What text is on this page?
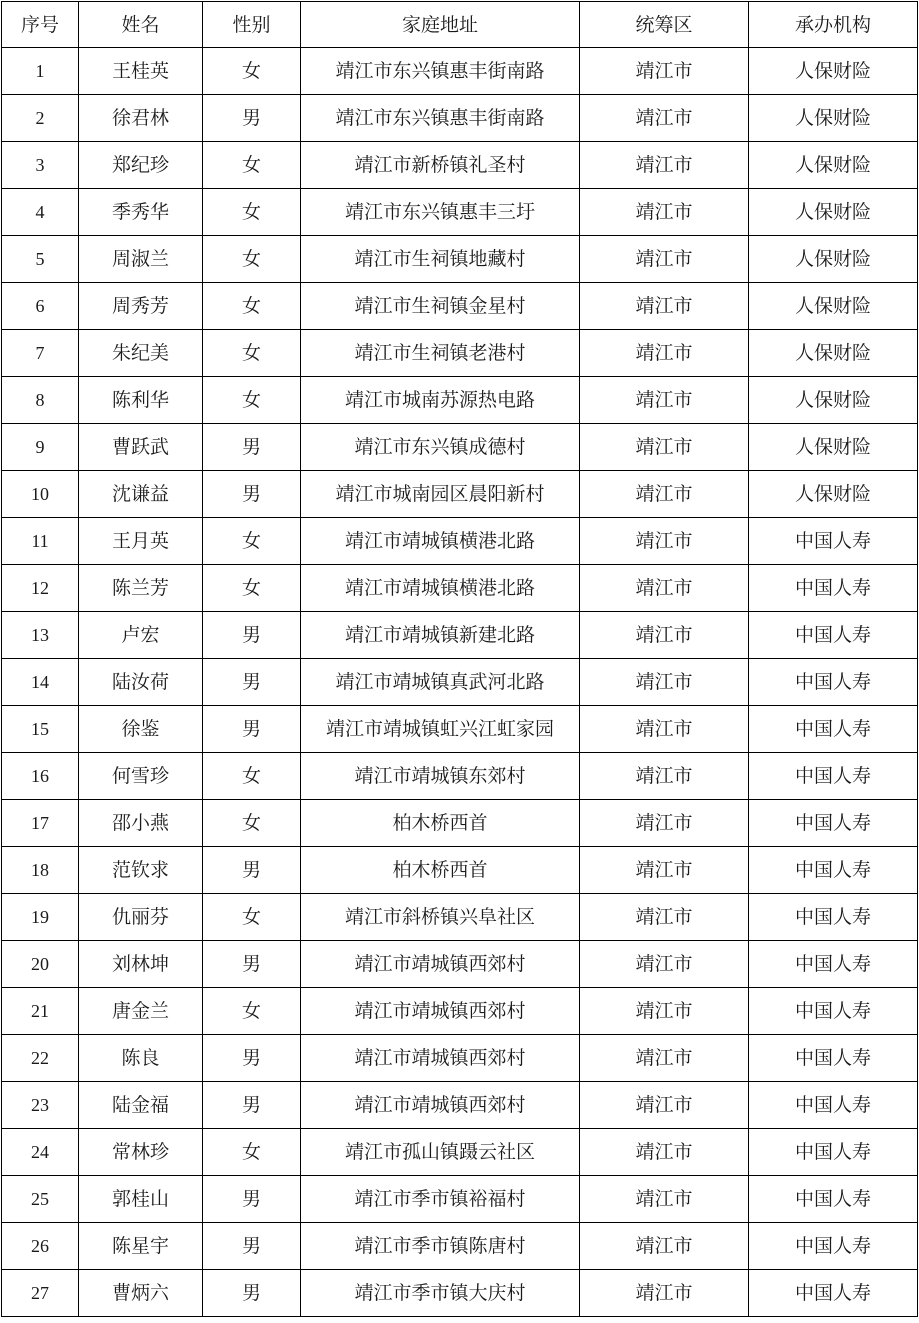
序号	姓名	性别	家庭地址	统筹区	承办机构
1	王桂英	女	靖江市东兴镇惠丰街南路	靖江市	人保财险
2	徐君林	男	靖江市东兴镇惠丰街南路	靖江市	人保财险
3	郑纪珍	女	靖江市新桥镇礼圣村	靖江市	人保财险
4	季秀华	女	靖江市东兴镇惠丰三圩	靖江市	人保财险
5	周淑兰	女	靖江市生祠镇地藏村	靖江市	人保财险
6	周秀芳	女	靖江市生祠镇金星村	靖江市	人保财险
7	朱纪美	女	靖江市生祠镇老港村	靖江市	人保财险
8	陈利华	女	靖江市城南苏源热电路	靖江市	人保财险
9	曹跃武	男	靖江市东兴镇成德村	靖江市	人保财险
10	沈谦益	男	靖江市城南园区晨阳新村	靖江市	人保财险
11	王月英	女	靖江市靖城镇横港北路	靖江市	中国人寿
12	陈兰芳	女	靖江市靖城镇横港北路	靖江市	中国人寿
13	卢宏	男	靖江市靖城镇新建北路	靖江市	中国人寿
14	陆汝荷	男	靖江市靖城镇真武河北路	靖江市	中国人寿
15	徐鉴	男	靖江市靖城镇虹兴江虹家园	靖江市	中国人寿
16	何雪珍	女	靖江市靖城镇东郊村	靖江市	中国人寿
17	邵小燕	女	柏木桥西首	靖江市	中国人寿
18	范钦求	男	柏木桥西首	靖江市	中国人寿
19	仇丽芬	女	靖江市斜桥镇兴阜社区	靖江市	中国人寿
20	刘林坤	男	靖江市靖城镇西郊村	靖江市	中国人寿
21	唐金兰	女	靖江市靖城镇西郊村	靖江市	中国人寿
22	陈良	男	靖江市靖城镇西郊村	靖江市	中国人寿
23	陆金福	男	靖江市靖城镇西郊村	靖江市	中国人寿
24	常林珍	女	靖江市孤山镇蹑云社区	靖江市	中国人寿
25	郭桂山	男	靖江市季市镇裕福村	靖江市	中国人寿
26	陈星宇	男	靖江市季市镇陈唐村	靖江市	中国人寿
27	曹炳六	男	靖江市季市镇大庆村	靖江市	中国人寿
